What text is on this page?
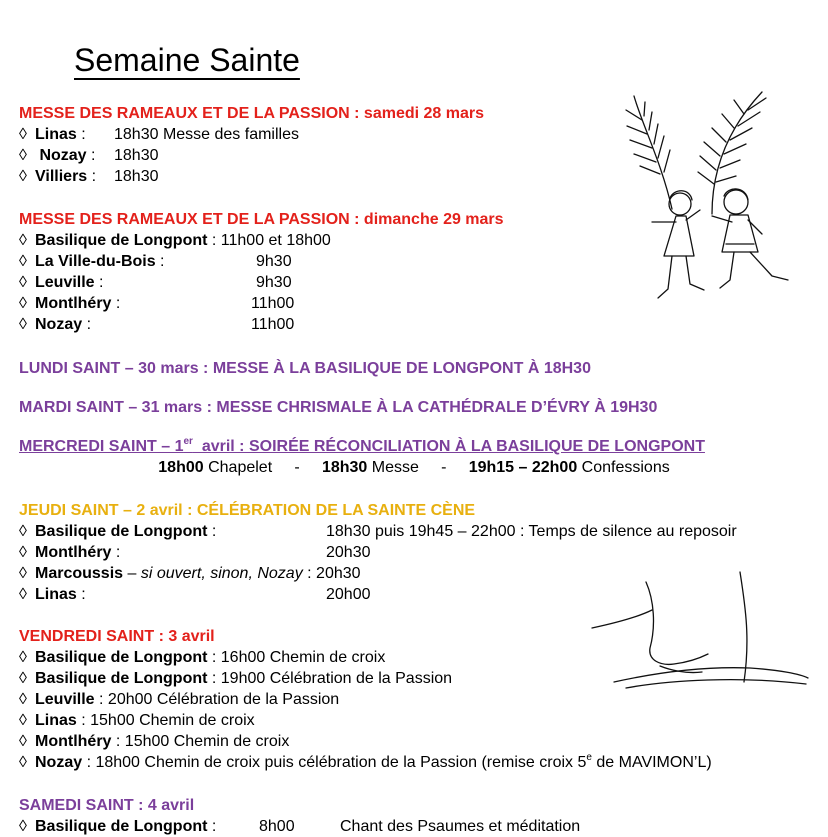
Semaine Sainte
MESSE DES RAMEAUX ET DE LA PASSION : samedi 28 mars
◊ Linas : 18h30 Messe des familles
◊ Nozay : 18h30
◊ Villiers : 18h30
MESSE DES RAMEAUX ET DE LA PASSION : dimanche 29 mars
◊ Basilique de Longpont : 11h00 et 18h00
◊ La Ville-du-Bois :	9h30
◊ Leuville :	9h30
◊ Montlhéry :	11h00
◊ Nozay :	11h00
LUNDI SAINT – 30 mars : MESSE À LA BASILIQUE DE LONGPONT À 18H30
MARDI SAINT – 31 mars : MESSE CHRISMALE À LA CATHÉDRALE D’ÉVRY À 19H30
MERCREDI SAINT – 1er  avril : SOIRÉE RÉCONCILIATION À LA BASILIQUE DE LONGPONT
18h00 Chapelet - 18h30 Messe - 19h15 – 22h00 Confessions
JEUDI SAINT – 2 avril : CÉLÉBRATION DE LA SAINTE CÈNE
◊ Basilique de Longpont :	18h30 puis 19h45 – 22h00 : Temps de silence au reposoir
◊ Montlhéry :	20h30
◊ Marcoussis – si ouvert, sinon, Nozay : 20h30
◊ Linas :	20h00
VENDREDI SAINT : 3 avril
◊ Basilique de Longpont : 16h00 Chemin de croix
◊ Basilique de Longpont : 19h00 Célébration de la Passion
◊ Leuville : 20h00 Célébration de la Passion
◊ Linas : 15h00 Chemin de croix
◊ Montlhéry : 15h00 Chemin de croix
◊ Nozay : 18h00 Chemin de croix puis célébration de la Passion (remise croix 5e de MAVIMON’L)
SAMEDI SAINT : 4 avril
◊ Basilique de Longpont :	8h00	Chant des Psaumes et méditation
